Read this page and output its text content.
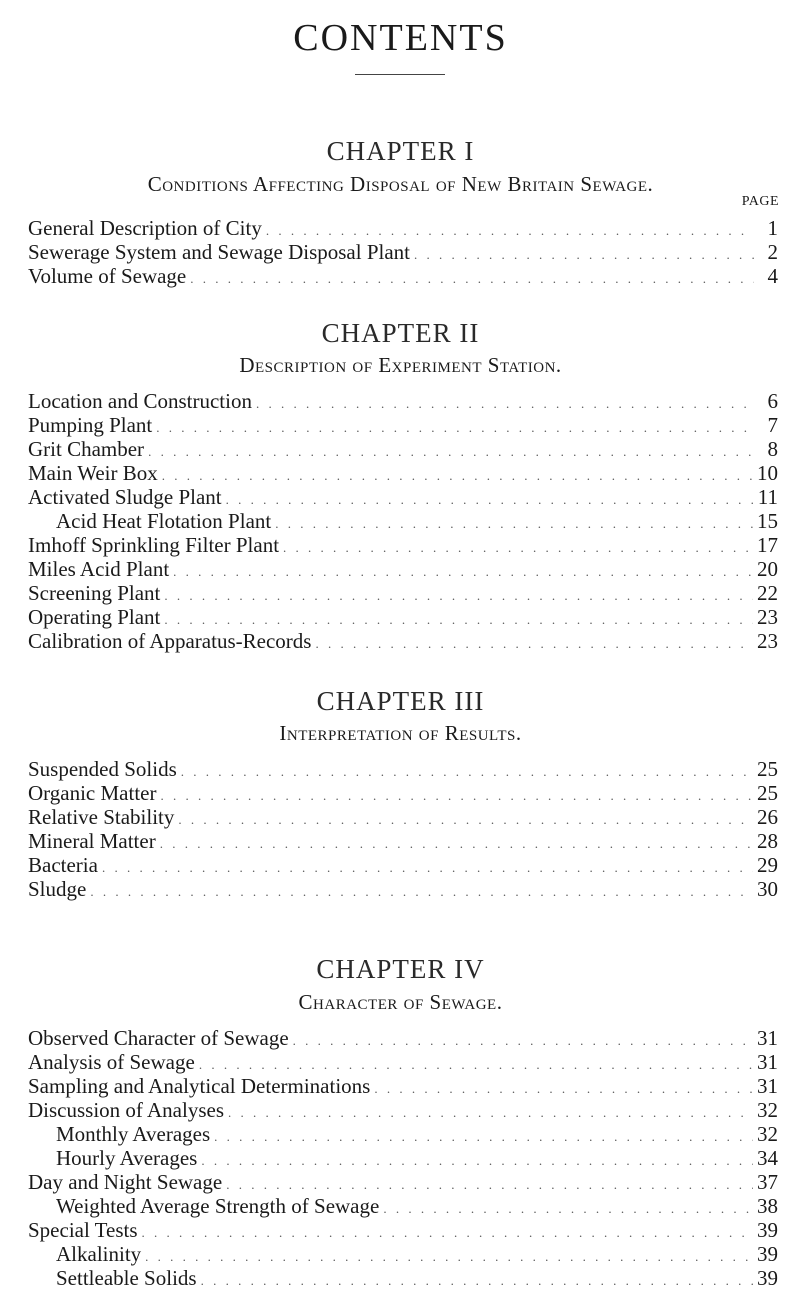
CONTENTS
PAGE
CHAPTER I
Conditions Affecting Disposal of New Britain Sewage.
General Description of City . . .	1
Sewerage System and Sewage Disposal Plant . . .	2
Volume of Sewage . . .	4
CHAPTER II
Description of Experiment Station.
Location and Construction . . .	6
Pumping Plant . . .	7
Grit Chamber . . .	8
Main Weir Box . . .	10
Activated Sludge Plant . . .	11
Acid Heat Flotation Plant . . .	15
Imhoff Sprinkling Filter Plant . . .	17
Miles Acid Plant . . .	20
Screening Plant . . .	22
Operating Plant . . .	23
Calibration of Apparatus-Records . . .	23
CHAPTER III
Interpretation of Results.
Suspended Solids . . .	25
Organic Matter . . .	25
Relative Stability . . .	26
Mineral Matter . . .	28
Bacteria . . .	29
Sludge . . .	30
CHAPTER IV
Character of Sewage.
Observed Character of Sewage . . .	31
Analysis of Sewage . . .	31
Sampling and Analytical Determinations . . .	31
Discussion of Analyses . . .	32
Monthly Averages . . .	32
Hourly Averages . . .	34
Day and Night Sewage . . .	37
Weighted Average Strength of Sewage . . .	38
Special Tests . . .	39
Alkalinity . . .	39
Settleable Solids . . .	39
